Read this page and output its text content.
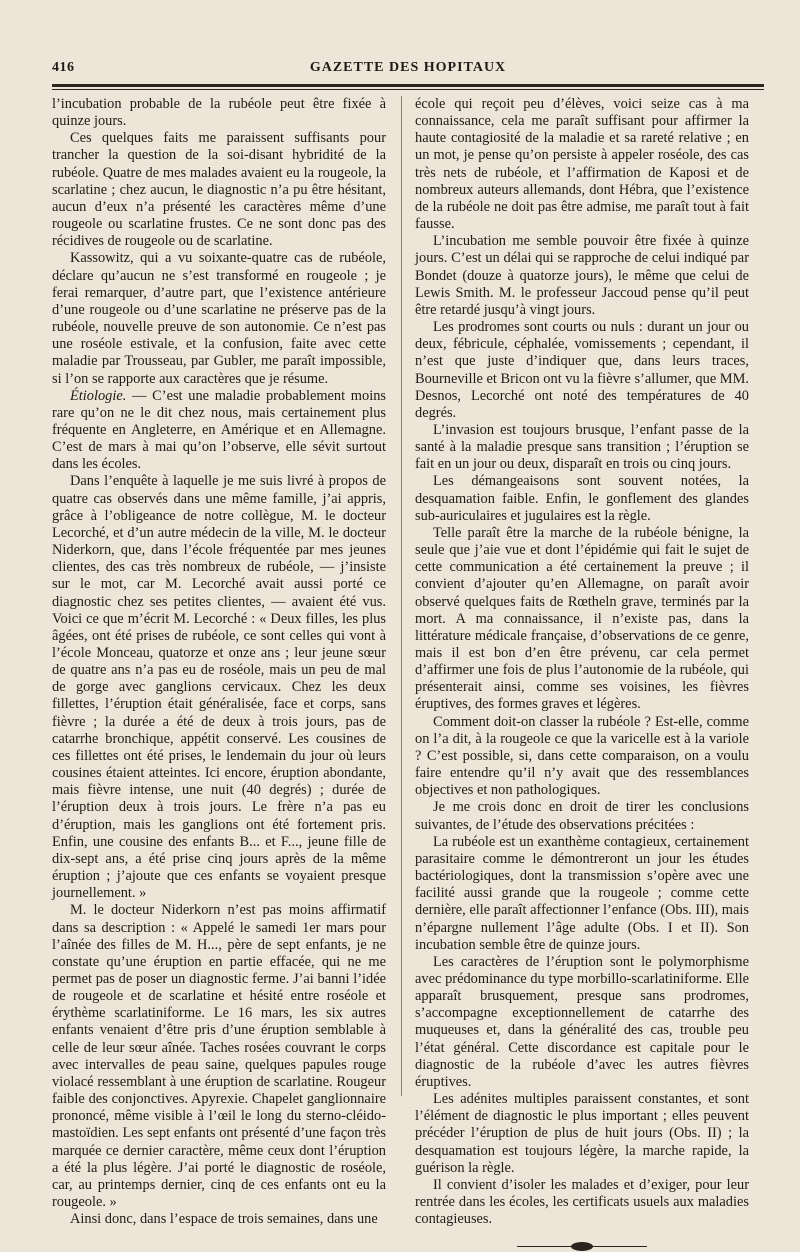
416	GAZETTE DES HOPITAUX

l’incubation probable de la rubéole peut être fixée à quinze jours.

Ces quelques faits me paraissent suffisants pour trancher la question de la soi-disant hybridité de la rubéole. Quatre de mes malades avaient eu la rougeole, la scarlatine ; chez aucun, le diagnostic n’a pu être hésitant, aucun d’eux n’a présenté les caractères même d’une rougeole ou scarlatine frustes. Ce ne sont donc pas des récidives de rougeole ou de scarlatine.

Kassowitz, qui a vu soixante-quatre cas de rubéole, déclare qu’aucun ne s’est transformé en rougeole ; je ferai remarquer, d’autre part, que l’existence antérieure d’une rougeole ou d’une scarlatine ne préserve pas de la rubéole, nouvelle preuve de son autonomie. Ce n’est pas une roséole estivale, et la confusion, faite avec cette maladie par Trousseau, par Gubler, me paraît impossible, si l’on se rapporte aux caractères que je résume.

Étiologie. — C’est une maladie probablement moins rare qu’on ne le dit chez nous, mais certainement plus fréquente en Angleterre, en Amérique et en Allemagne. C’est de mars à mai qu’on l’observe, elle sévit surtout dans les écoles.

Dans l’enquête à laquelle je me suis livré à propos de quatre cas observés dans une même famille, j’ai appris, grâce à l’obligeance de notre collègue, M. le docteur Lecorché, et d’un autre médecin de la ville, M. le docteur Niderkorn, que, dans l’école fréquentée par mes jeunes clientes, des cas très nombreux de rubéole, — j’insiste sur le mot, car M. Lecorché avait aussi porté ce diagnostic chez ses petites clientes, — avaient été vus. Voici ce que m’écrit M. Lecorché : « Deux filles, les plus âgées, ont été prises de rubéole, ce sont celles qui vont à l’école Monceau, quatorze et onze ans ; leur jeune sœur de quatre ans n’a pas eu de roséole, mais un peu de mal de gorge avec ganglions cervicaux. Chez les deux fillettes, l’éruption était généralisée, face et corps, sans fièvre ; la durée a été de deux à trois jours, pas de catarrhe bronchique, appétit conservé. Les cousines de ces fillettes ont été prises, le lendemain du jour où leurs cousines étaient atteintes. Ici encore, éruption abondante, mais fièvre intense, une nuit (40 degrés) ; durée de l’éruption deux à trois jours. Le frère n’a pas eu d’éruption, mais les ganglions ont été fortement pris. Enfin, une cousine des enfants B... et F..., jeune fille de dix-sept ans, a été prise cinq jours après de la même éruption ; j’ajoute que ces enfants se voyaient presque journellement. »

M. le docteur Niderkorn n’est pas moins affirmatif dans sa description : « Appelé le samedi 1er mars pour l’aînée des filles de M. H..., père de sept enfants, je ne constate qu’une éruption en partie effacée, qui ne me permet pas de poser un diagnostic ferme. J’ai banni l’idée de rougeole et de scarlatine et hésité entre roséole et érythème scarlatiniforme. Le 16 mars, les six autres enfants venaient d’être pris d’une éruption semblable à celle de leur sœur aînée. Taches rosées couvrant le corps avec intervalles de peau saine, quelques papules rouge violacé ressemblant à une éruption de scarlatine. Rougeur faible des conjonctives. Apyrexie. Chapelet ganglionnaire prononcé, même visible à l’œil le long du sterno-cléido-mastoïdien. Les sept enfants ont présenté d’une façon très marquée ce dernier caractère, même ceux dont l’éruption a été la plus légère. J’ai porté le diagnostic de roséole, car, au printemps dernier, cinq de ces enfants ont eu la rougeole. »

Ainsi donc, dans l’espace de trois semaines, dans une

école qui reçoit peu d’élèves, voici seize cas à ma connaissance, cela me paraît suffisant pour affirmer la haute contagiosité de la maladie et sa rareté relative ; en un mot, je pense qu’on persiste à appeler roséole, des cas très nets de rubéole, et l’affirmation de Kaposi et de nombreux auteurs allemands, dont Hébra, que l’existence de la rubéole ne doit pas être admise, me paraît tout à fait fausse.

L’incubation me semble pouvoir être fixée à quinze jours. C’est un délai qui se rapproche de celui indiqué par Bondet (douze à quatorze jours), le même que celui de Lewis Smith. M. le professeur Jaccoud pense qu’il peut être retardé jusqu’à vingt jours.

Les prodromes sont courts ou nuls : durant un jour ou deux, fébricule, céphalée, vomissements ; cependant, il n’est que juste d’indiquer que, dans leurs traces, Bourneville et Bricon ont vu la fièvre s’allumer, que MM. Desnos, Lecorché ont noté des températures de 40 degrés.

L’invasion est toujours brusque, l’enfant passe de la santé à la maladie presque sans transition ; l’éruption se fait en un jour ou deux, disparaît en trois ou cinq jours.

Les démangeaisons sont souvent notées, la desquamation faible. Enfin, le gonflement des glandes sub-auriculaires et jugulaires est la règle.

Telle paraît être la marche de la rubéole bénigne, la seule que j’aie vue et dont l’épidémie qui fait le sujet de cette communication a été certainement la preuve ; il convient d’ajouter qu’en Allemagne, on paraît avoir observé quelques faits de Rœtheln grave, terminés par la mort. A ma connaissance, il n’existe pas, dans la littérature médicale française, d’observations de ce genre, mais il est bon d’en être prévenu, car cela permet d’affirmer une fois de plus l’autonomie de la rubéole, qui présenterait ainsi, comme ses voisines, les fièvres éruptives, des formes graves et légères.

Comment doit-on classer la rubéole ? Est-elle, comme on l’a dit, à la rougeole ce que la varicelle est à la variole ? C’est possible, si, dans cette comparaison, on a voulu faire entendre qu’il n’y avait que des ressemblances objectives et non pathologiques.

Je me crois donc en droit de tirer les conclusions suivantes, de l’étude des observations précitées :

La rubéole est un exanthème contagieux, certainement parasitaire comme le démontreront un jour les études bactériologiques, dont la transmission s’opère avec une facilité aussi grande que la rougeole ; comme cette dernière, elle paraît affectionner l’enfance (Obs. III), mais n’épargne nullement l’âge adulte (Obs. I et II). Son incubation semble être de quinze jours.

Les caractères de l’éruption sont le polymorphisme avec prédominance du type morbillo-scarlatiniforme. Elle apparaît brusquement, presque sans prodromes, s’accompagne exceptionnellement de catarrhe des muqueuses et, dans la généralité des cas, trouble peu l’état général. Cette discordance est capitale pour le diagnostic de la rubéole d’avec les autres fièvres éruptives.

Les adénites multiples paraissent constantes, et sont l’élément de diagnostic le plus important ; elles peuvent précéder l’éruption de plus de huit jours (Obs. II) ; la desquamation est toujours légère, la marche rapide, la guérison la règle.

Il convient d’isoler les malades et d’exiger, pour leur rentrée dans les écoles, les certificats usuels aux maladies contagieuses.
